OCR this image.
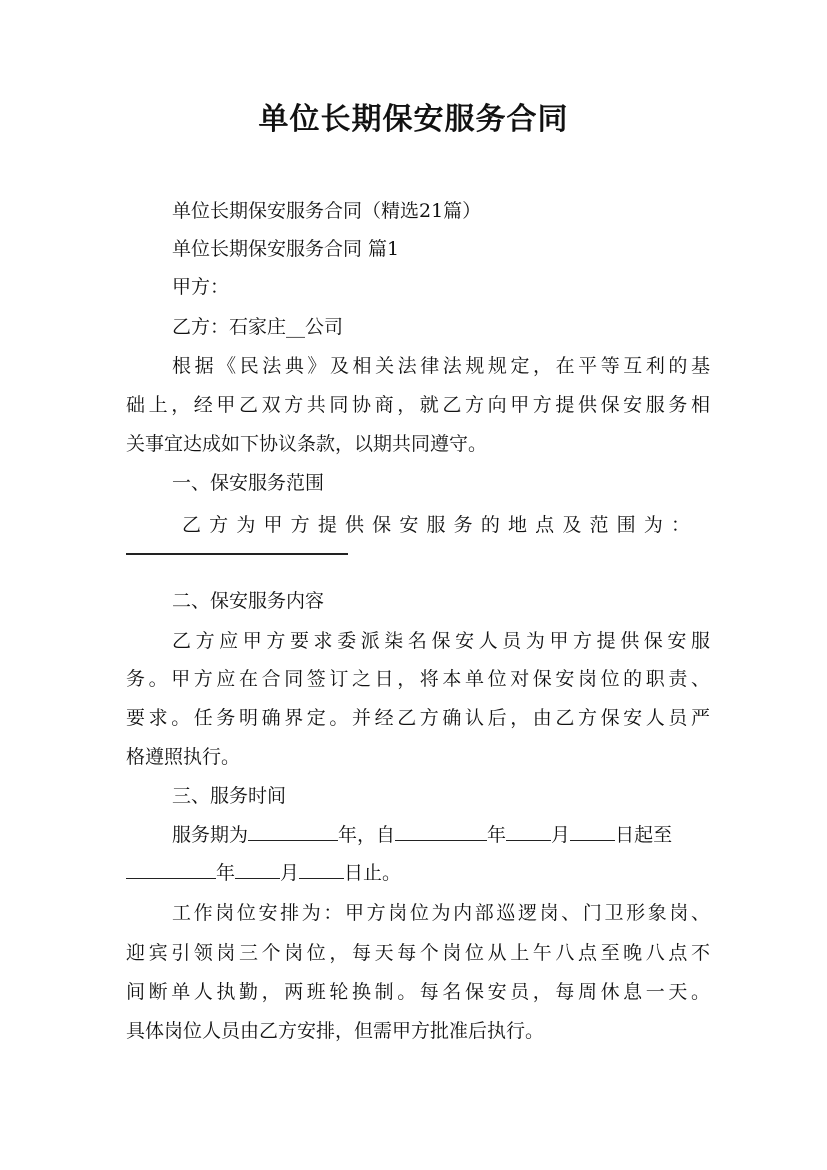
单位长期保安服务合同
单位长期保安服务合同（精选21篇）
单位长期保安服务合同 篇1
甲方：
乙方：石家庄__公司
根据《民法典》及相关法律法规规定，在平等互利的基
础上，经甲乙双方共同协商，就乙方向甲方提供保安服务相
关事宜达成如下协议条款，以期共同遵守。
一、保安服务范围
乙方为甲方提供保安服务的地点及范围为：
二、保安服务内容
乙方应甲方要求委派柒名保安人员为甲方提供保安服
务。甲方应在合同签订之日，将本单位对保安岗位的职责、
要求。任务明确界定。并经乙方确认后，由乙方保安人员严
格遵照执行。
三、服务时间
服务期为	年，自	年 月 日起至
年 月 日止。
工作岗位安排为：甲方岗位为内部巡逻岗、门卫形象岗、
迎宾引领岗三个岗位，每天每个岗位从上午八点至晚八点不
间断单人执勤，两班轮换制。每名保安员，每周休息一天。
具体岗位人员由乙方安排，但需甲方批准后执行。
